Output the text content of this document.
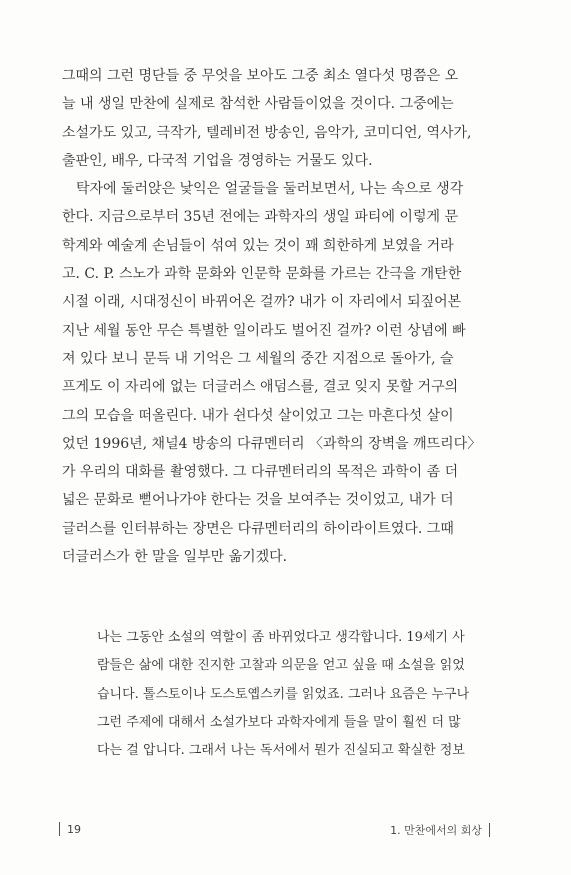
그때의 그런 명단들 중 무엇을 보아도 그중 최소 열다섯 명쯤은 오
늘 내 생일 만찬에 실제로 참석한 사람들이었을 것이다. 그중에는
소설가도 있고, 극작가, 텔레비전 방송인, 음악가, 코미디언, 역사가,
출판인, 배우, 다국적 기업을 경영하는 거물도 있다.

탁자에 둘러앉은 낯익은 얼굴들을 둘러보면서, 나는 속으로 생각
한다. 지금으로부터 35년 전에는 과학자의 생일 파티에 이렇게 문
학계와 예술계 손님들이 섞여 있는 것이 꽤 희한하게 보였을 거라
고. C. P. 스노가 과학 문화와 인문학 문화를 가르는 간극을 개탄한
시절 이래, 시대정신이 바뀌어온 걸까? 내가 이 자리에서 되짚어본
지난 세월 동안 무슨 특별한 일이라도 벌어진 걸까? 이런 상념에 빠
져 있다 보니 문득 내 기억은 그 세월의 중간 지점으로 돌아가, 슬
프게도 이 자리에 없는 더글러스 애덤스를, 결코 잊지 못할 거구의
그의 모습을 떠올린다. 내가 쉰다섯 살이었고 그는 마흔다섯 살이
었던 1996년, 채널4 방송의 다큐멘터리 〈과학의 장벽을 깨뜨리다〉
가 우리의 대화를 촬영했다. 그 다큐멘터리의 목적은 과학이 좀 더
넓은 문화로 뻗어나가야 한다는 것을 보여주는 것이었고, 내가 더
글러스를 인터뷰하는 장면은 다큐멘터리의 하이라이트였다. 그때
더글러스가 한 말을 일부만 옮기겠다.

나는 그동안 소설의 역할이 좀 바뀌었다고 생각합니다. 19세기 사
람들은 삶에 대한 진지한 고찰과 의문을 얻고 싶을 때 소설을 읽었
습니다. 톨스토이나 도스토옙스키를 읽었죠. 그러나 요즘은 누구나
그런 주제에 대해서 소설가보다 과학자에게 들을 말이 훨씬 더 많
다는 걸 압니다. 그래서 나는 독서에서 뭔가 진실되고 확실한 정보

19	1. 만찬에서의 회상
